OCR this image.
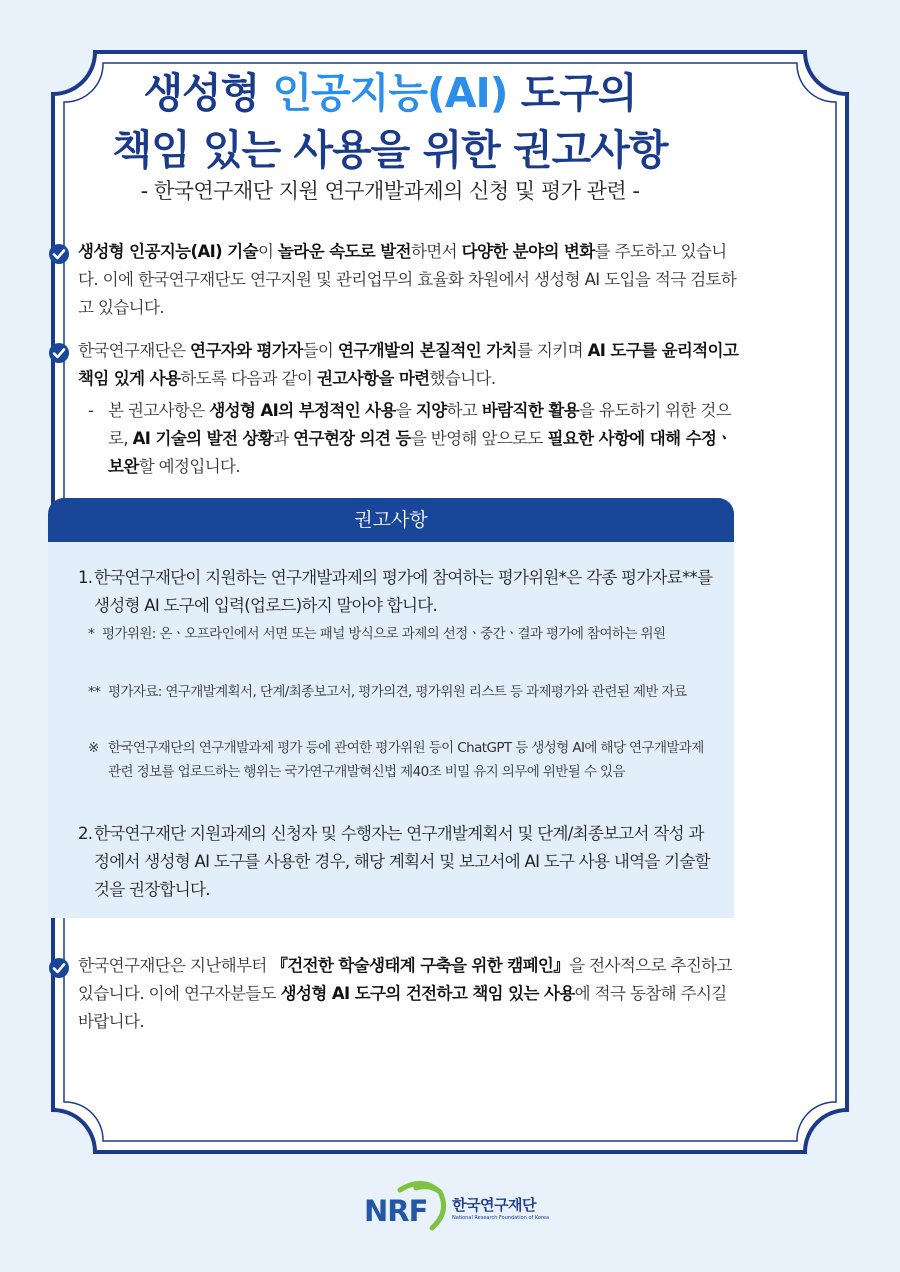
생성형 인공지능(AI) 도구의
책임 있는 사용을 위한 권고사항
- 한국연구재단 지원 연구개발과제의 신청 및 평가 관련 -
생성형 인공지능(AI) 기술이 놀라운 속도로 발전하면서 다양한 분야의 변화를 주도하고 있습니다. 이에 한국연구재단도 연구지원 및 관리업무의 효율화 차원에서 생성형 AI 도입을 적극 검토하고 있습니다.
한국연구재단은 연구자와 평가자들이 연구개발의 본질적인 가치를 지키며 AI 도구를 윤리적이고 책임 있게 사용하도록 다음과 같이 권고사항을 마련했습니다.
- 본 권고사항은 생성형 AI의 부정적인 사용을 지양하고 바람직한 활용을 유도하기 위한 것으로, AI 기술의 발전 상황과 연구현장 의견 등을 반영해 앞으로도 필요한 사항에 대해 수정ㆍ보완할 예정입니다.
권고사항
1. 한국연구재단이 지원하는 연구개발과제의 평가에 참여하는 평가위원*은 각종 평가자료**를 생성형 AI 도구에 입력(업로드)하지 말아야 합니다.
* 평가위원: 온ㆍ오프라인에서 서면 또는 패널 방식으로 과제의 선정ㆍ중간ㆍ결과 평가에 참여하는 위원
** 평가자료: 연구개발계획서, 단계/최종보고서, 평가의견, 평가위원 리스트 등 과제평가와 관련된 제반 자료
※ 한국연구재단의 연구개발과제 평가 등에 관여한 평가위원 등이 ChatGPT 등 생성형 AI에 해당 연구개발과제 관련 정보를 업로드하는 행위는 국가연구개발혁신법 제40조 비밀 유지 의무에 위반될 수 있음
2. 한국연구재단 지원과제의 신청자 및 수행자는 연구개발계획서 및 단계/최종보고서 작성 과정에서 생성형 AI 도구를 사용한 경우, 해당 계획서 및 보고서에 AI 도구 사용 내역을 기술할 것을 권장합니다.
한국연구재단은 지난해부터 『건전한 학술생태계 구축을 위한 캠페인』을 전사적으로 추진하고 있습니다. 이에 연구자분들도 생성형 AI 도구의 건전하고 책임 있는 사용에 적극 동참해 주시길 바랍니다.
NRF 한국연구재단
National Research Foundation of Korea
